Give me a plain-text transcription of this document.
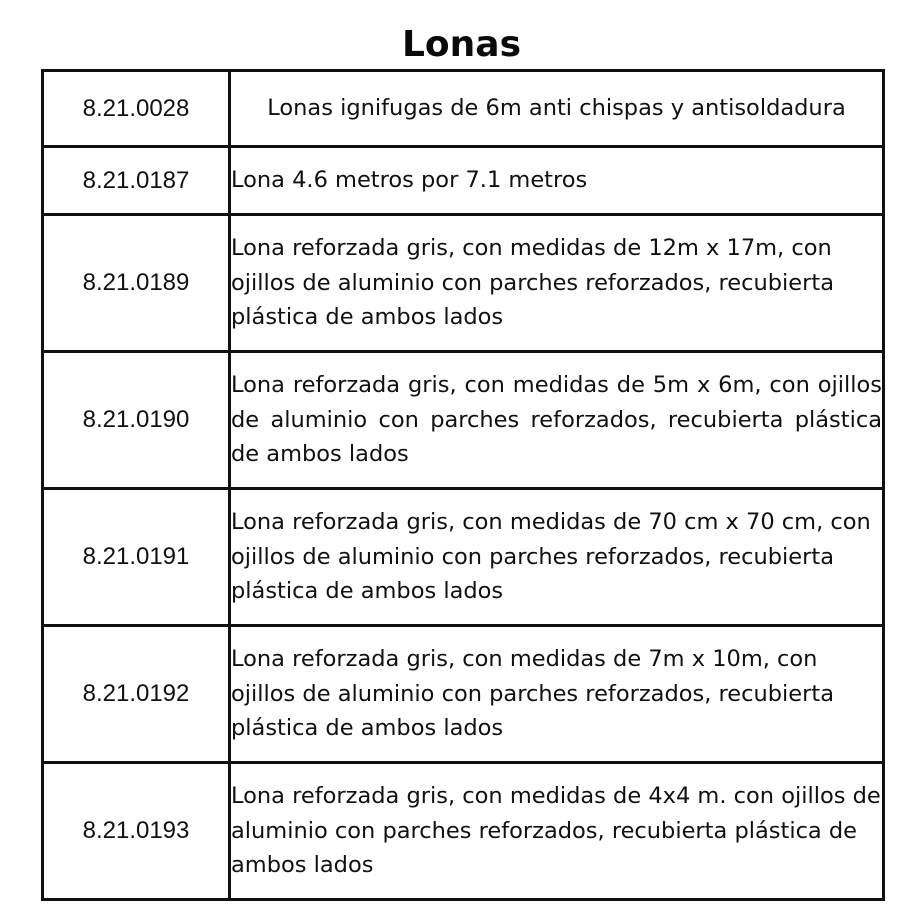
Lonas
8.21.0028	Lonas ignifugas de 6m anti chispas y antisoldadura
8.21.0187	Lona 4.6 metros por 7.1 metros
8.21.0189	Lona reforzada gris, con medidas de 12m x 17m, con ojillos de aluminio con parches reforzados, recubierta plástica de ambos lados
8.21.0190	Lona reforzada gris, con medidas de 5m x 6m, con ojillos de aluminio con parches reforzados, recubierta plástica de ambos lados
8.21.0191	Lona reforzada gris, con medidas de 70 cm x 70 cm, con ojillos de aluminio con parches reforzados, recubierta plástica de ambos lados
8.21.0192	Lona reforzada gris, con medidas de 7m x 10m, con ojillos de aluminio con parches reforzados, recubierta plástica de ambos lados
8.21.0193	Lona reforzada gris, con medidas de 4x4 m. con ojillos de aluminio con parches reforzados, recubierta plástica de ambos lados
